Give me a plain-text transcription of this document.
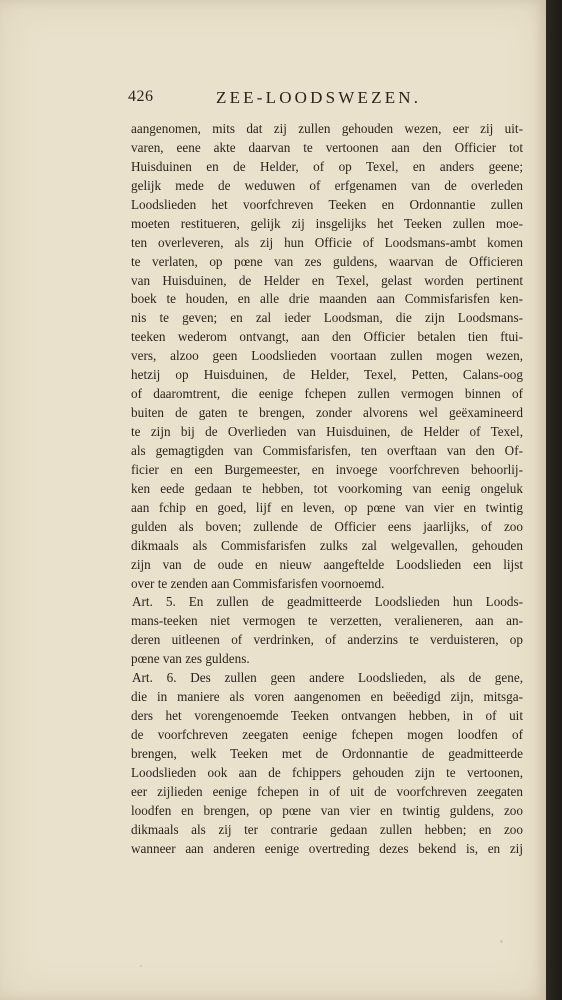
426	ZEE-LOODSWEZEN.
aangenomen, mits dat zij zullen gehouden wezen, eer zij uit-
varen, eene akte daarvan te vertoonen aan den Officier tot
Huisduinen en de Helder, of op Texel, en anders geene;
gelijk mede de weduwen of erfgenamen van de overleden
Loodslieden het voorfchreven Teeken en Ordonnantie zullen
moeten restitueren, gelijk zij insgelijks het Teeken zullen moe-
ten overleveren, als zij hun Officie of Loodsmans-ambt komen
te verlaten, op pœne van zes guldens, waarvan de Officieren
van Huisduinen, de Helder en Texel, gelast worden pertinent
boek te houden, en alle drie maanden aan Commisfarisfen ken-
nis te geven; en zal ieder Loodsman, die zijn Loodsmans-
teeken wederom ontvangt, aan den Officier betalen tien ftui-
vers, alzoo geen Loodslieden voortaan zullen mogen wezen,
hetzij op Huisduinen, de Helder, Texel, Petten, Calans-oog
of daaromtrent, die eenige fchepen zullen vermogen binnen of
buiten de gaten te brengen, zonder alvorens wel geëxamineerd
te zijn bij de Overlieden van Huisduinen, de Helder of Texel,
als gemagtigden van Commisfarisfen, ten overftaan van den Of-
ficier en een Burgemeester, en invoege voorfchreven behoorlij-
ken eede gedaan te hebben, tot voorkoming van eenig ongeluk
aan fchip en goed, lijf en leven, op pœne van vier en twintig
gulden als boven; zullende de Officier eens jaarlijks, of zoo
dikmaals als Commisfarisfen zulks zal welgevallen, gehouden
zijn van de oude en nieuw aangeftelde Loodslieden een lijst
over te zenden aan Commisfarisfen voornoemd.
Art. 5. En zullen de geadmitteerde Loodslieden hun Loods-
mans-teeken niet vermogen te verzetten, veralieneren, aan an-
deren uitleenen of verdrinken, of anderzins te verduisteren, op
pœne van zes guldens.
Art. 6. Des zullen geen andere Loodslieden, als de gene,
die in maniere als voren aangenomen en beëedigd zijn, mitsga-
ders het vorengenoemde Teeken ontvangen hebben, in of uit
de voorfchreven zeegaten eenige fchepen mogen loodfen of
brengen, welk Teeken met de Ordonnantie de geadmitteerde
Loodslieden ook aan de fchippers gehouden zijn te vertoonen,
eer zijlieden eenige fchepen in of uit de voorfchreven zeegaten
loodfen en brengen, op pœne van vier en twintig guldens, zoo
dikmaals als zij ter contrarie gedaan zullen hebben; en zoo
wanneer aan anderen eenige overtreding dezes bekend is, en zij
